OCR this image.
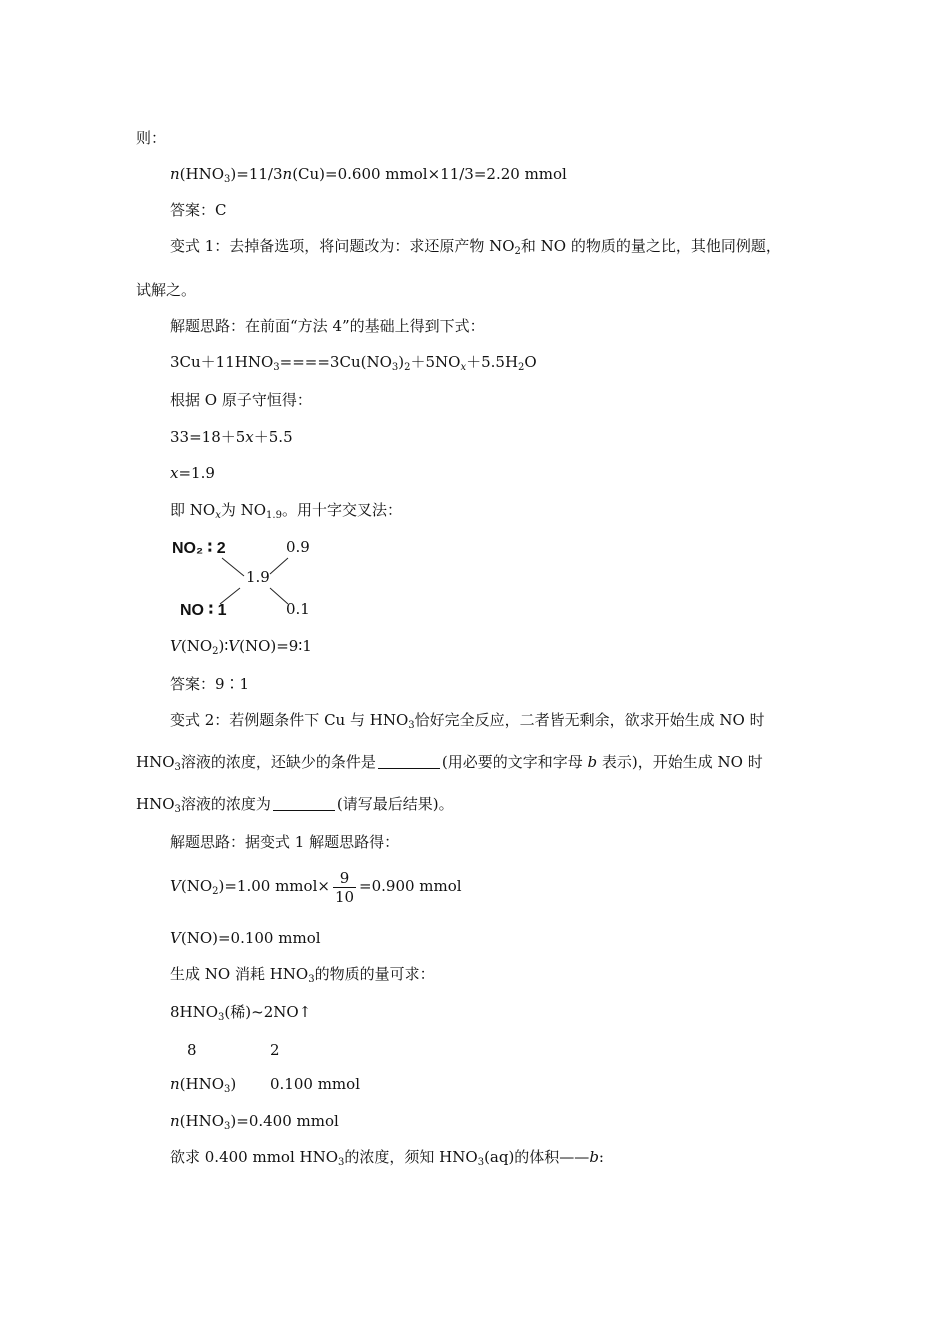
则：
$n(HNO_3)=11/3n(Cu)=0.600$ mmol×11/3=2.20 mmol
答案：C
变式 1：去掉备选项，将问题改为：求还原产物 $NO_2$和 NO 的物质的量之比，其他同例题，
试解之。
解题思路：在前面“方法 4”的基础上得到下式：
$3Cu+11HNO_3====3Cu(NO_3)_2+5NO_x+5.5H_2O$
根据 O 原子守恒得：
33=18＋5x＋5.5
x=1.9
即 $NO_x$为 $NO_{1.9}$。用十字交叉法：
NO₂ ∶ 2	0.9
1.9
NO ∶ 1	0.1
$V(NO_2)∶V(NO)=9∶1$
答案：9∶1
变式 2：若例题条件下 Cu 与 $HNO_3$恰好完全反应，二者皆无剩余，欲求开始生成 NO 时
$HNO_3$溶液的浓度，还缺少的条件是	(用必要的文字和字母 b 表示)，开始生成 NO 时
$HNO_3$溶液的浓度为	(请写最后结果)。
解题思路：据变式 1 解题思路得：
$V(NO_2)=1.00$ mmol× $\frac{9}{10} =0.900$ mmol
V(NO)=0.100 mmol
生成 NO 消耗 $HNO_3$的物质的量可求：
$8HNO_3$(稀)~2NO↑
8	2
$n(HNO_3)$ 0.100 mmol
$n(HNO_3)=0.400$ mmol
欲求 0.400 mmol $HNO_3$的浓度，须知 $HNO_3(aq)$的体积——b:
